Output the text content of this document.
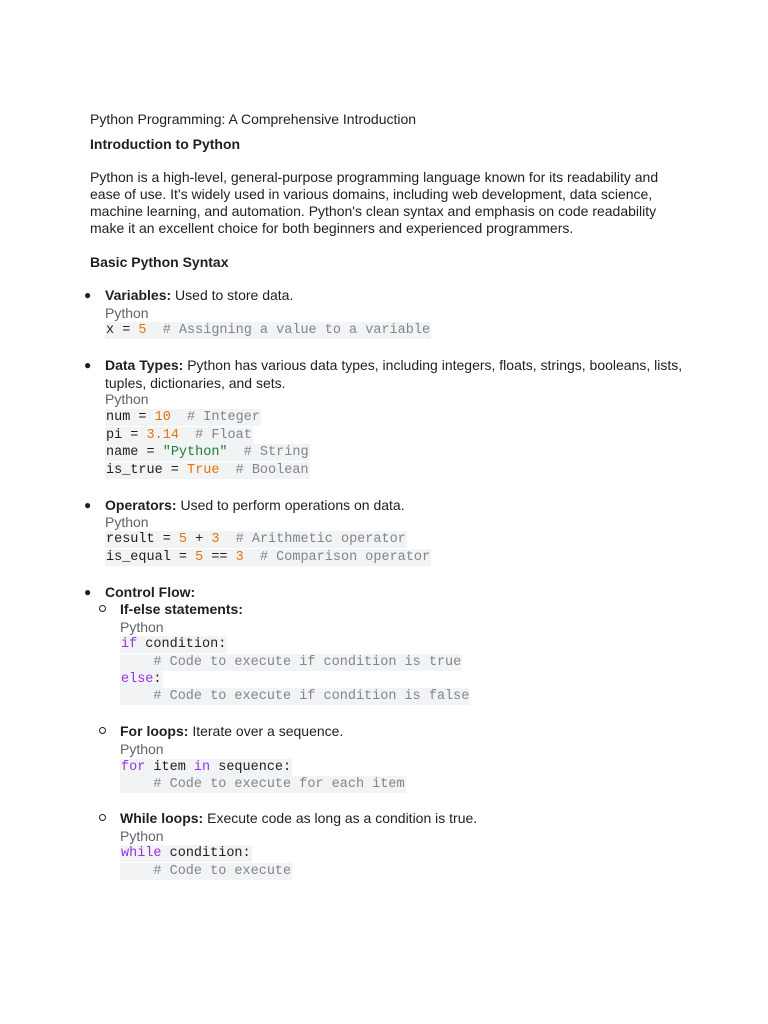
Python Programming: A Comprehensive Introduction
Introduction to Python
Python is a high-level, general-purpose programming language known for its readability and
ease of use. It's widely used in various domains, including web development, data science,
machine learning, and automation. Python's clean syntax and emphasis on code readability
make it an excellent choice for both beginners and experienced programmers.
Basic Python Syntax
● Variables: Used to store data.
Python
x = 5  # Assigning a value to a variable
● Data Types: Python has various data types, including integers, floats, strings, booleans, lists,
tuples, dictionaries, and sets.
Python
num = 10  # Integer
pi = 3.14  # Float
name = "Python"  # String
is_true = True  # Boolean
● Operators: Used to perform operations on data.
Python
result = 5 + 3  # Arithmetic operator
is_equal = 5 == 3  # Comparison operator
● Control Flow:
If-else statements:
Python
if condition:
# Code to execute if condition is true
else:
# Code to execute if condition is false
For loops: Iterate over a sequence.
Python
for item in sequence:
# Code to execute for each item
While loops: Execute code as long as a condition is true.
Python
while condition:
# Code to execute
